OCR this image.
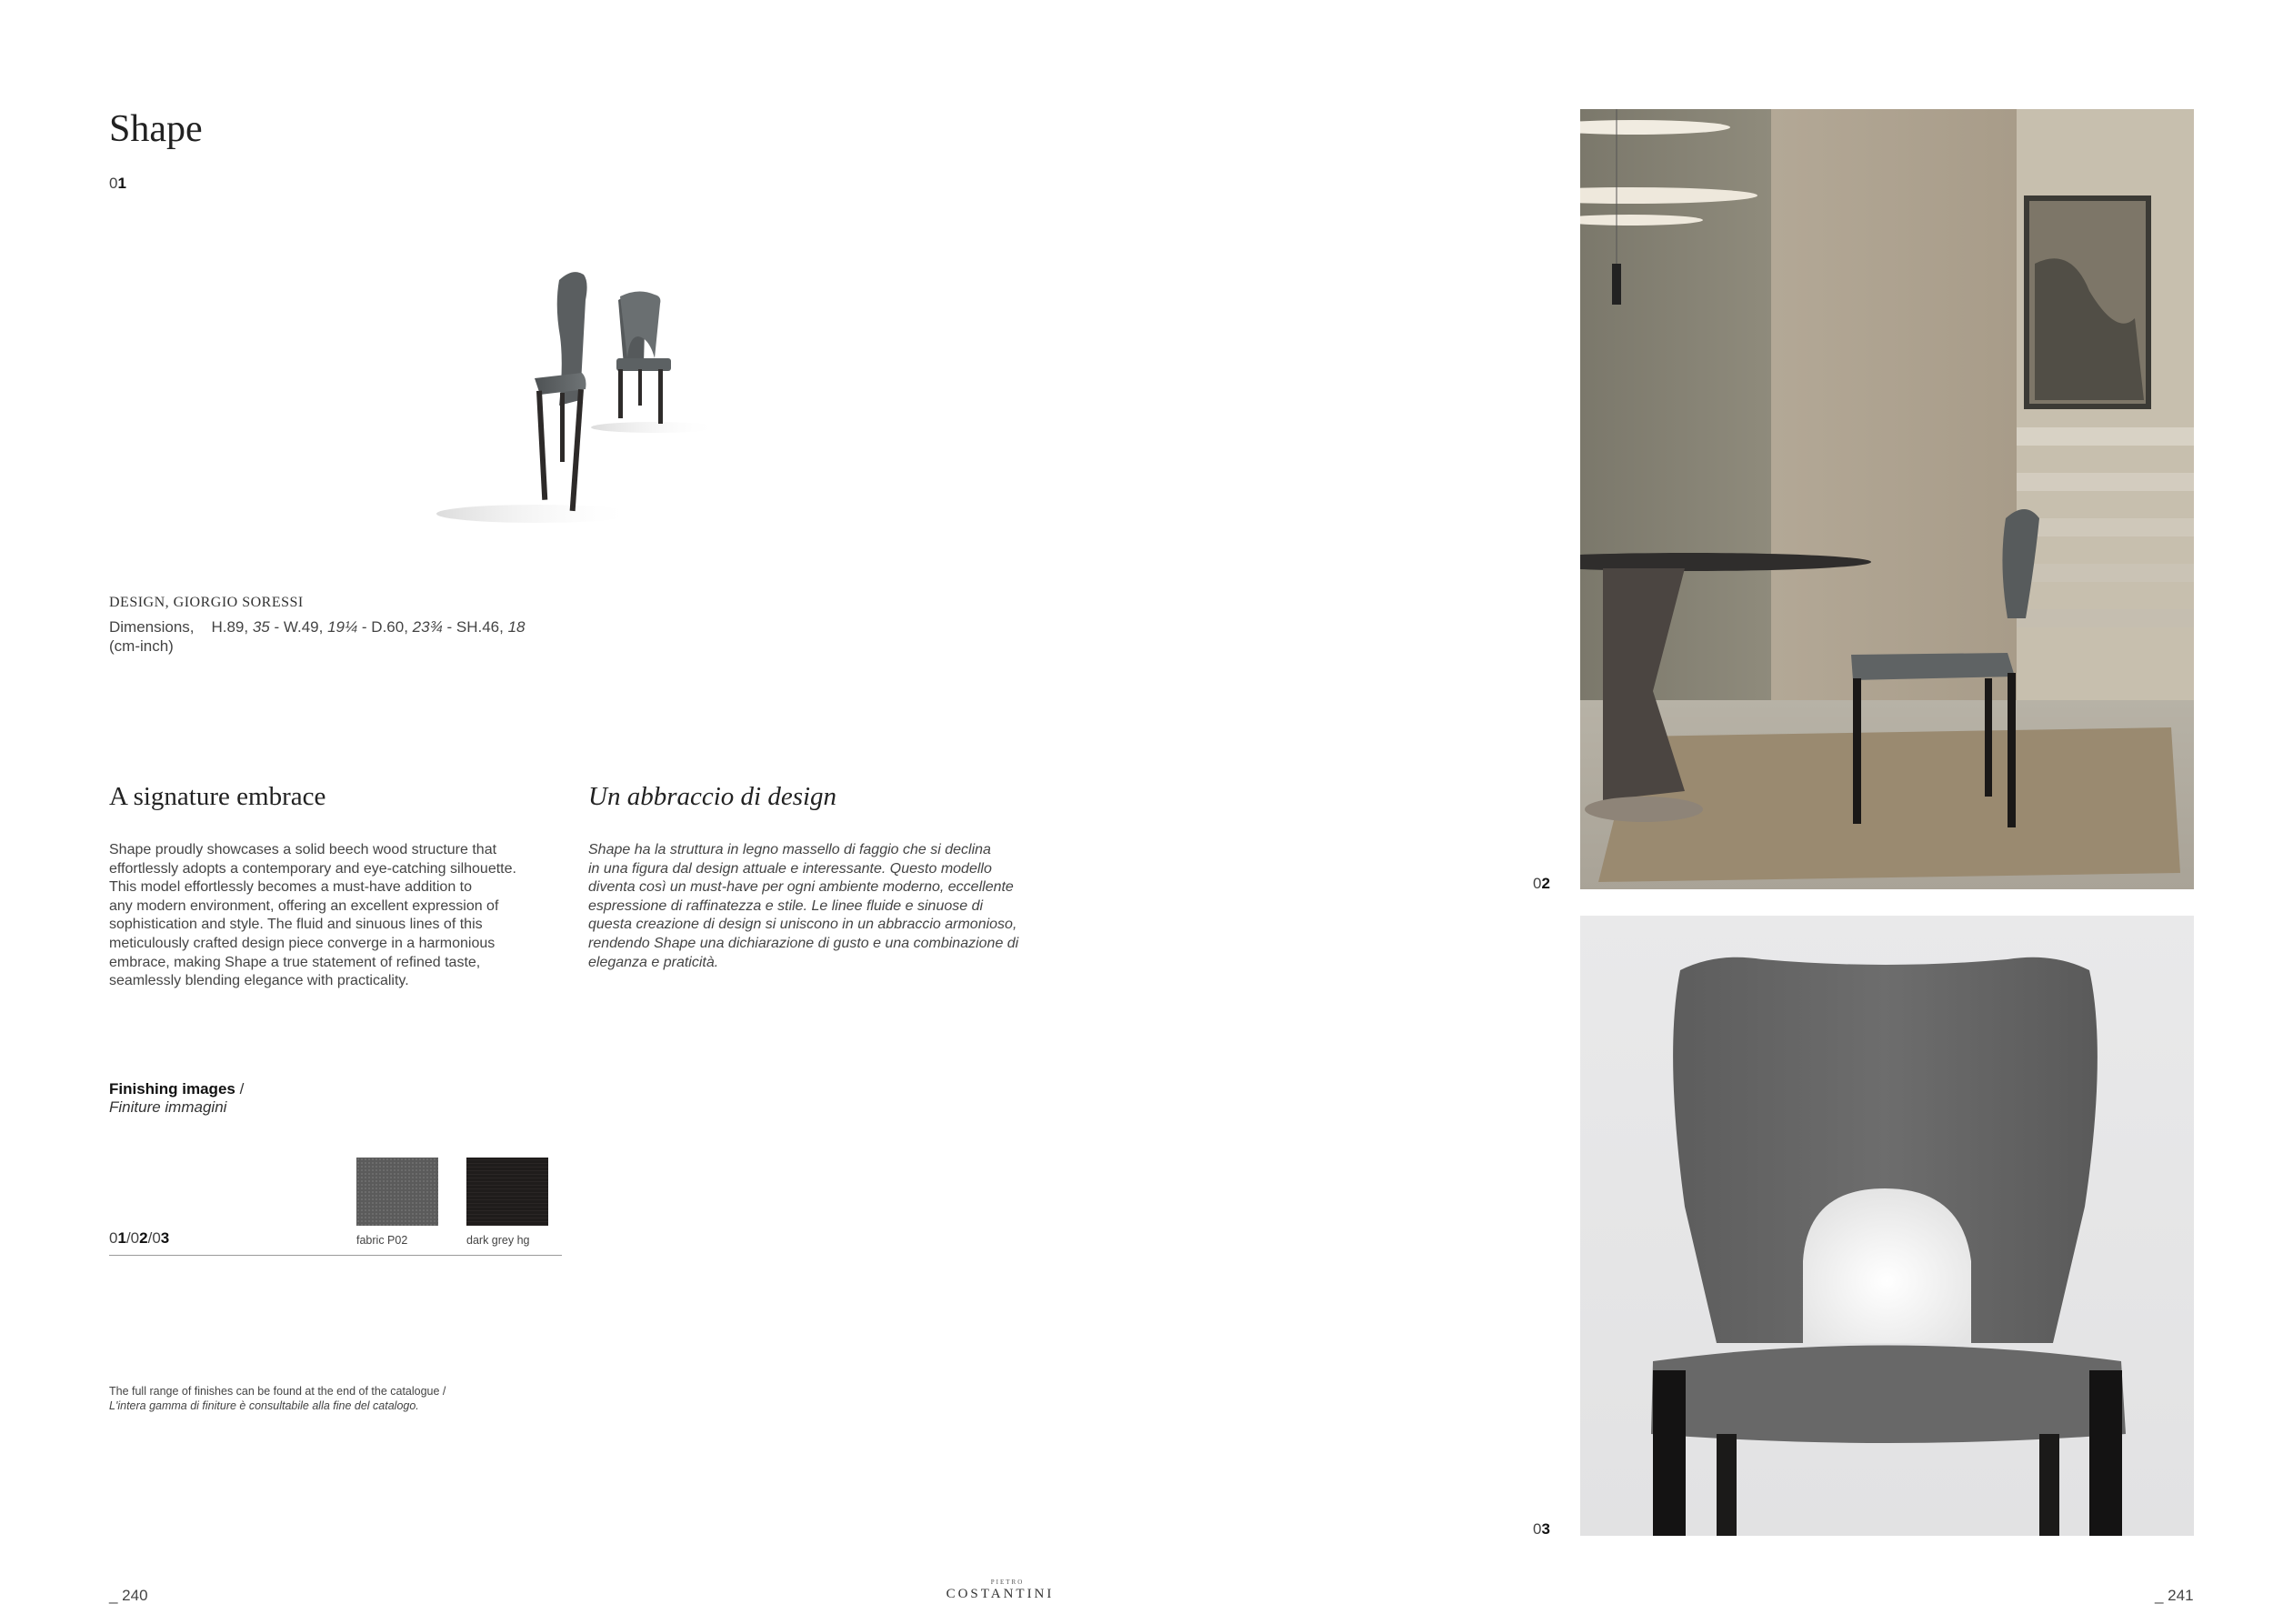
Shape
01
DESIGN, GIORGIO SORESSI
Dimensions, H.89, 35 - W.49, 19¼ - D.60, 23¾ - SH.46, 18
(cm-inch)
A signature embrace	Un abbraccio di design
Shape proudly showcases a solid beech wood structure that
effortlessly adopts a contemporary and eye-catching silhouette.
This model effortlessly becomes a must-have addition to
any modern environment, offering an excellent expression of
sophistication and style. The fluid and sinuous lines of this
meticulously crafted design piece converge in a harmonious
embrace, making Shape a true statement of refined taste,
seamlessly blending elegance with practicality.
Shape ha la struttura in legno massello di faggio che si declina
in una figura dal design attuale e interessante. Questo modello
diventa così un must-have per ogni ambiente moderno, eccellente
espressione di raffinatezza e stile. Le linee fluide e sinuose di
questa creazione di design si uniscono in un abbraccio armonioso,
rendendo Shape una dichiarazione di gusto e una combinazione di
eleganza e praticità.
Finishing images /
Finiture immagini
fabric P02	dark grey hg
01/02/03
The full range of finishes can be found at the end of the catalogue /
L'intera gamma di finiture è consultabile alla fine del catalogo.
02
03
_ 240	_ 241
PIETRO
COSTANTINI
